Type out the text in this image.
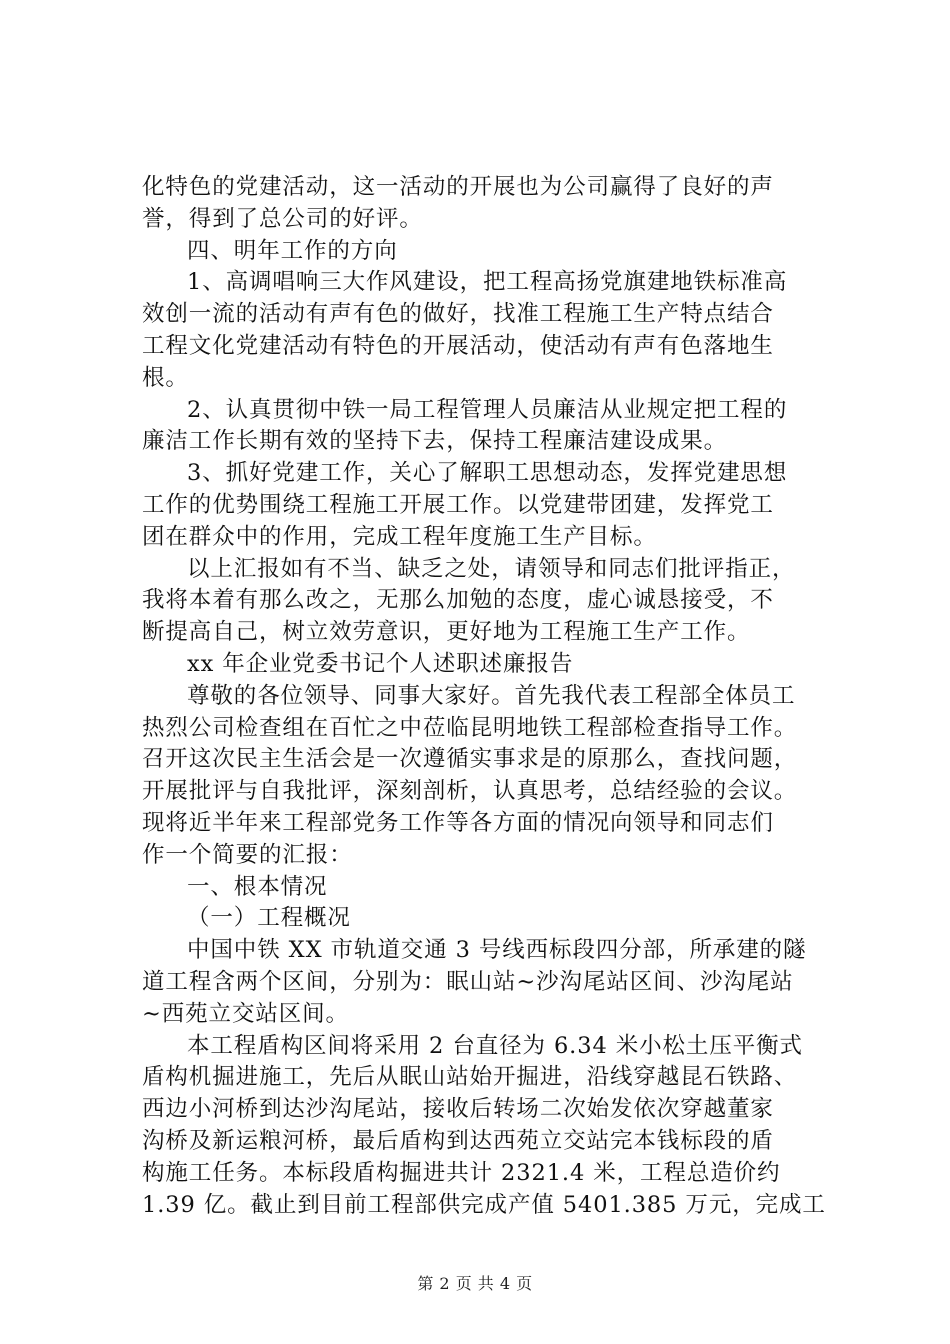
化特色的党建活动，这一活动的开展也为公司赢得了良好的声
誉，得到了总公司的好评。
四、明年工作的方向
1、高调唱响三大作风建设，把工程高扬党旗建地铁标准高
效创一流的活动有声有色的做好，找准工程施工生产特点结合
工程文化党建活动有特色的开展活动，使活动有声有色落地生
根。
2、认真贯彻中铁一局工程管理人员廉洁从业规定把工程的
廉洁工作长期有效的坚持下去，保持工程廉洁建设成果。
3、抓好党建工作，关心了解职工思想动态，发挥党建思想
工作的优势围绕工程施工开展工作。以党建带团建，发挥党工
团在群众中的作用，完成工程年度施工生产目标。
以上汇报如有不当、缺乏之处，请领导和同志们批评指正，
我将本着有那么改之，无那么加勉的态度，虚心诚恳接受，不
断提高自己，树立效劳意识，更好地为工程施工生产工作。
xx 年企业党委书记个人述职述廉报告
尊敬的各位领导、同事大家好。首先我代表工程部全体员工
热烈公司检查组在百忙之中莅临昆明地铁工程部检查指导工作。
召开这次民主生活会是一次遵循实事求是的原那么，查找问题，
开展批评与自我批评，深刻剖析，认真思考，总结经验的会议。
现将近半年来工程部党务工作等各方面的情况向领导和同志们
作一个简要的汇报：
一、根本情况
（一）工程概况
中国中铁 XX 市轨道交通 3 号线西标段四分部，所承建的隧
道工程含两个区间，分别为：眠山站~沙沟尾站区间、沙沟尾站
~西苑立交站区间。
本工程盾构区间将采用 2 台直径为 6.34 米小松土压平衡式
盾构机掘进施工，先后从眠山站始开掘进，沿线穿越昆石铁路、
西边小河桥到达沙沟尾站，接收后转场二次始发依次穿越董家
沟桥及新运粮河桥，最后盾构到达西苑立交站完本钱标段的盾
构施工任务。本标段盾构掘进共计 2321.4 米，工程总造价约
1.39 亿。截止到目前工程部供完成产值 5401.385 万元，完成工
第 2 页 共 4 页
